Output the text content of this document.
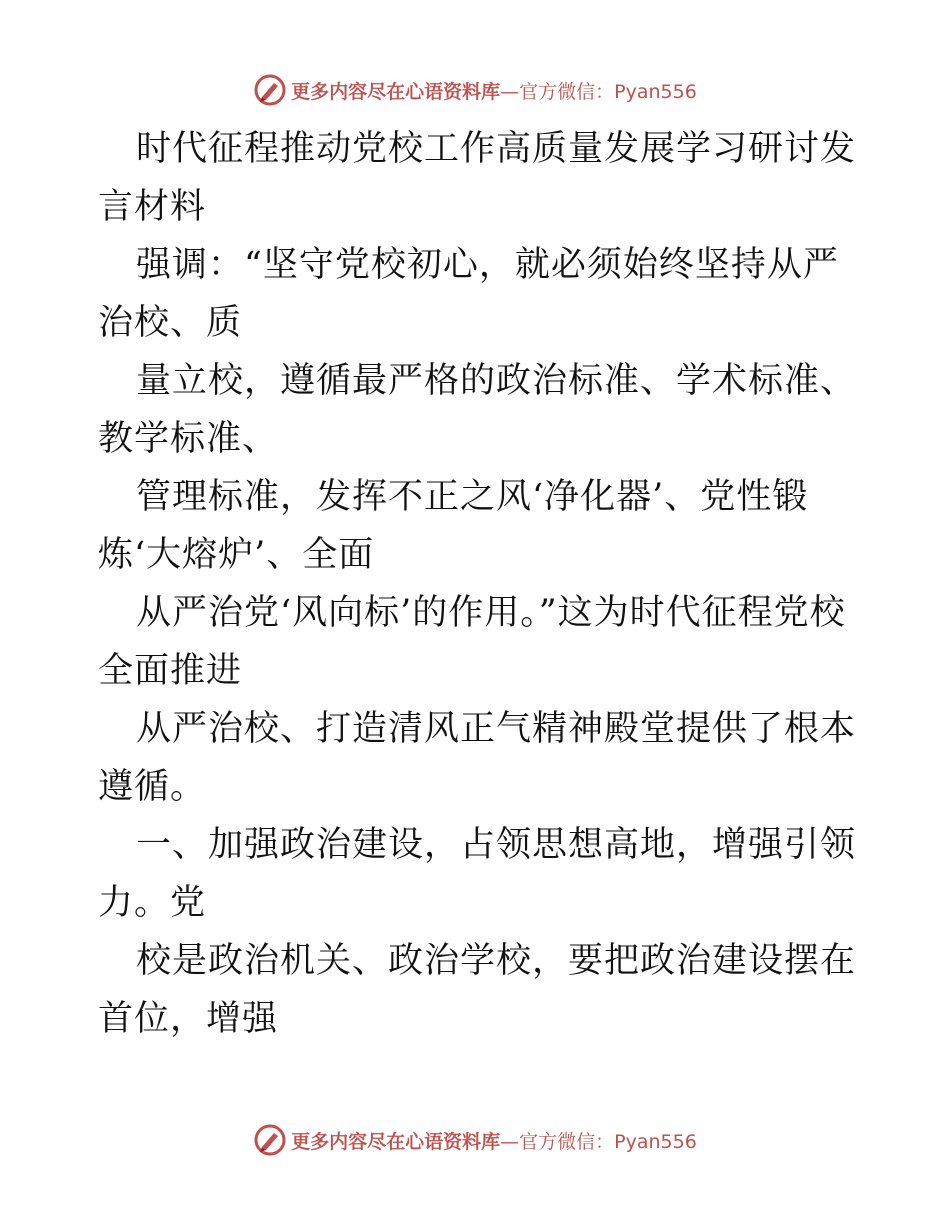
更多内容尽在心语资料库 —官方微信：Pyan556

时代征程推动党校工作高质量发展学习研讨发言材料

强调：“坚守党校初心，就必须始终坚持从严治校、质

量立校，遵循最严格的政治标准、学术标准、教学标准、

管理标准，发挥不正之风‘净化器’、党性锻炼‘大熔炉’、全面

从严治党‘风向标’的作用。”这为时代征程党校全面推进

从严治校、打造清风正气精神殿堂提供了根本遵循。

一、加强政治建设，占领思想高地，增强引领力。党

校是政治机关、政治学校，要把政治建设摆在首位，增强

更多内容尽在心语资料库 —官方微信：Pyan556
